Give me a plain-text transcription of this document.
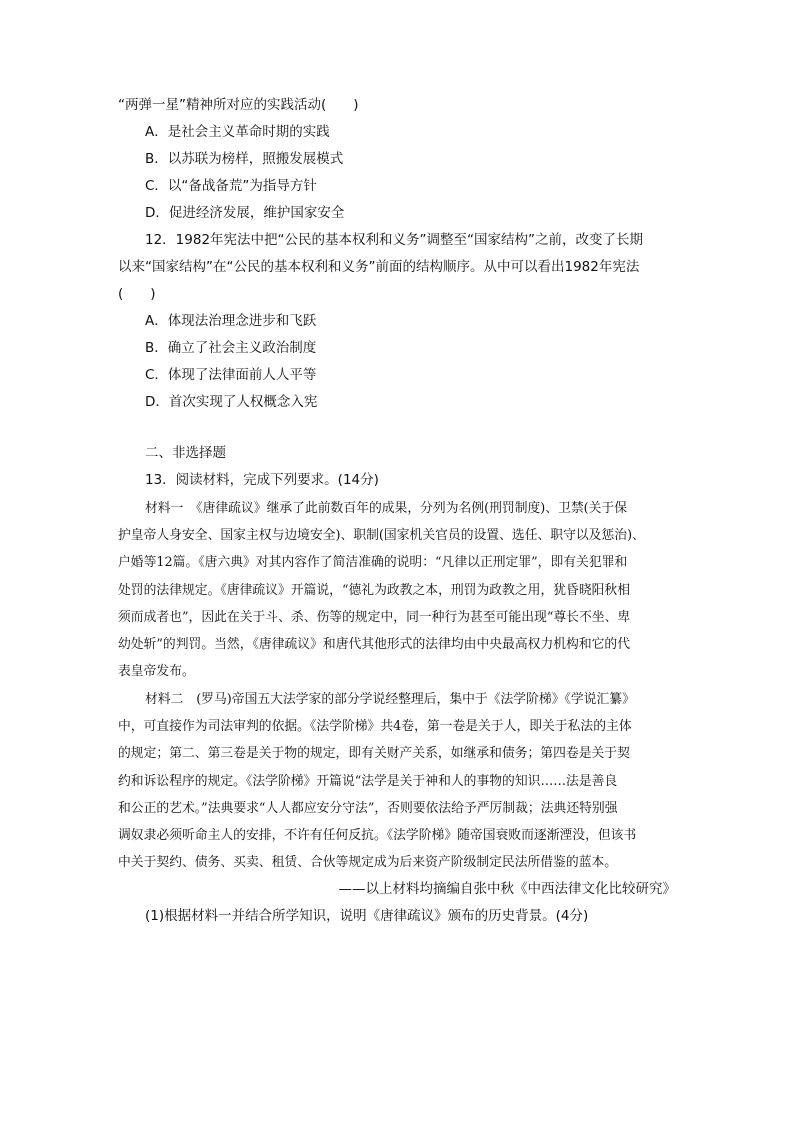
“两弹一星”精神所对应的实践活动(　　)
A．是社会主义革命时期的实践
B．以苏联为榜样，照搬发展模式
C．以“备战备荒”为指导方针
D．促进经济发展，维护国家安全
12．1982年宪法中把“公民的基本权利和义务”调整至“国家结构”之前，改变了长期
以来“国家结构”在“公民的基本权利和义务”前面的结构顺序。从中可以看出1982年宪法
(　　)
A．体现法治理念进步和飞跃
B．确立了社会主义政治制度
C．体现了法律面前人人平等
D．首次实现了人权概念入宪
二、非选择题
13．阅读材料，完成下列要求。(14分)
材料一　《唐律疏议》继承了此前数百年的成果，分列为名例(刑罚制度)、卫禁(关于保
护皇帝人身安全、国家主权与边境安全)、职制(国家机关官员的设置、选任、职守以及惩治)、
户婚等12篇。《唐六典》对其内容作了简洁准确的说明：“凡律以正刑定罪”，即有关犯罪和
处罚的法律规定。《唐律疏议》开篇说，“德礼为政教之本，刑罚为政教之用，犹昏晓阳秋相
须而成者也”，因此在关于斗、杀、伤等的规定中，同一种行为甚至可能出现“尊长不坐、卑
幼处斩”的判罚。当然，《唐律疏议》和唐代其他形式的法律均由中央最高权力机构和它的代
表皇帝发布。
材料二　(罗马)帝国五大法学家的部分学说经整理后，集中于《法学阶梯》《学说汇纂》
中，可直接作为司法审判的依据。《法学阶梯》共4卷，第一卷是关于人，即关于私法的主体
的规定；第二、第三卷是关于物的规定，即有关财产关系，如继承和债务；第四卷是关于契
约和诉讼程序的规定。《法学阶梯》开篇说“法学是关于神和人的事物的知识……法是善良
和公正的艺术。”法典要求“人人都应安分守法”，否则要依法给予严厉制裁；法典还特别强
调奴隶必须听命主人的安排，不许有任何反抗。《法学阶梯》随帝国衰败而逐渐湮没，但该书
中关于契约、债务、买卖、租赁、合伙等规定成为后来资产阶级制定民法所借鉴的蓝本。
——以上材料均摘编自张中秋《中西法律文化比较研究》
(1)根据材料一并结合所学知识，说明《唐律疏议》颁布的历史背景。(4分)
